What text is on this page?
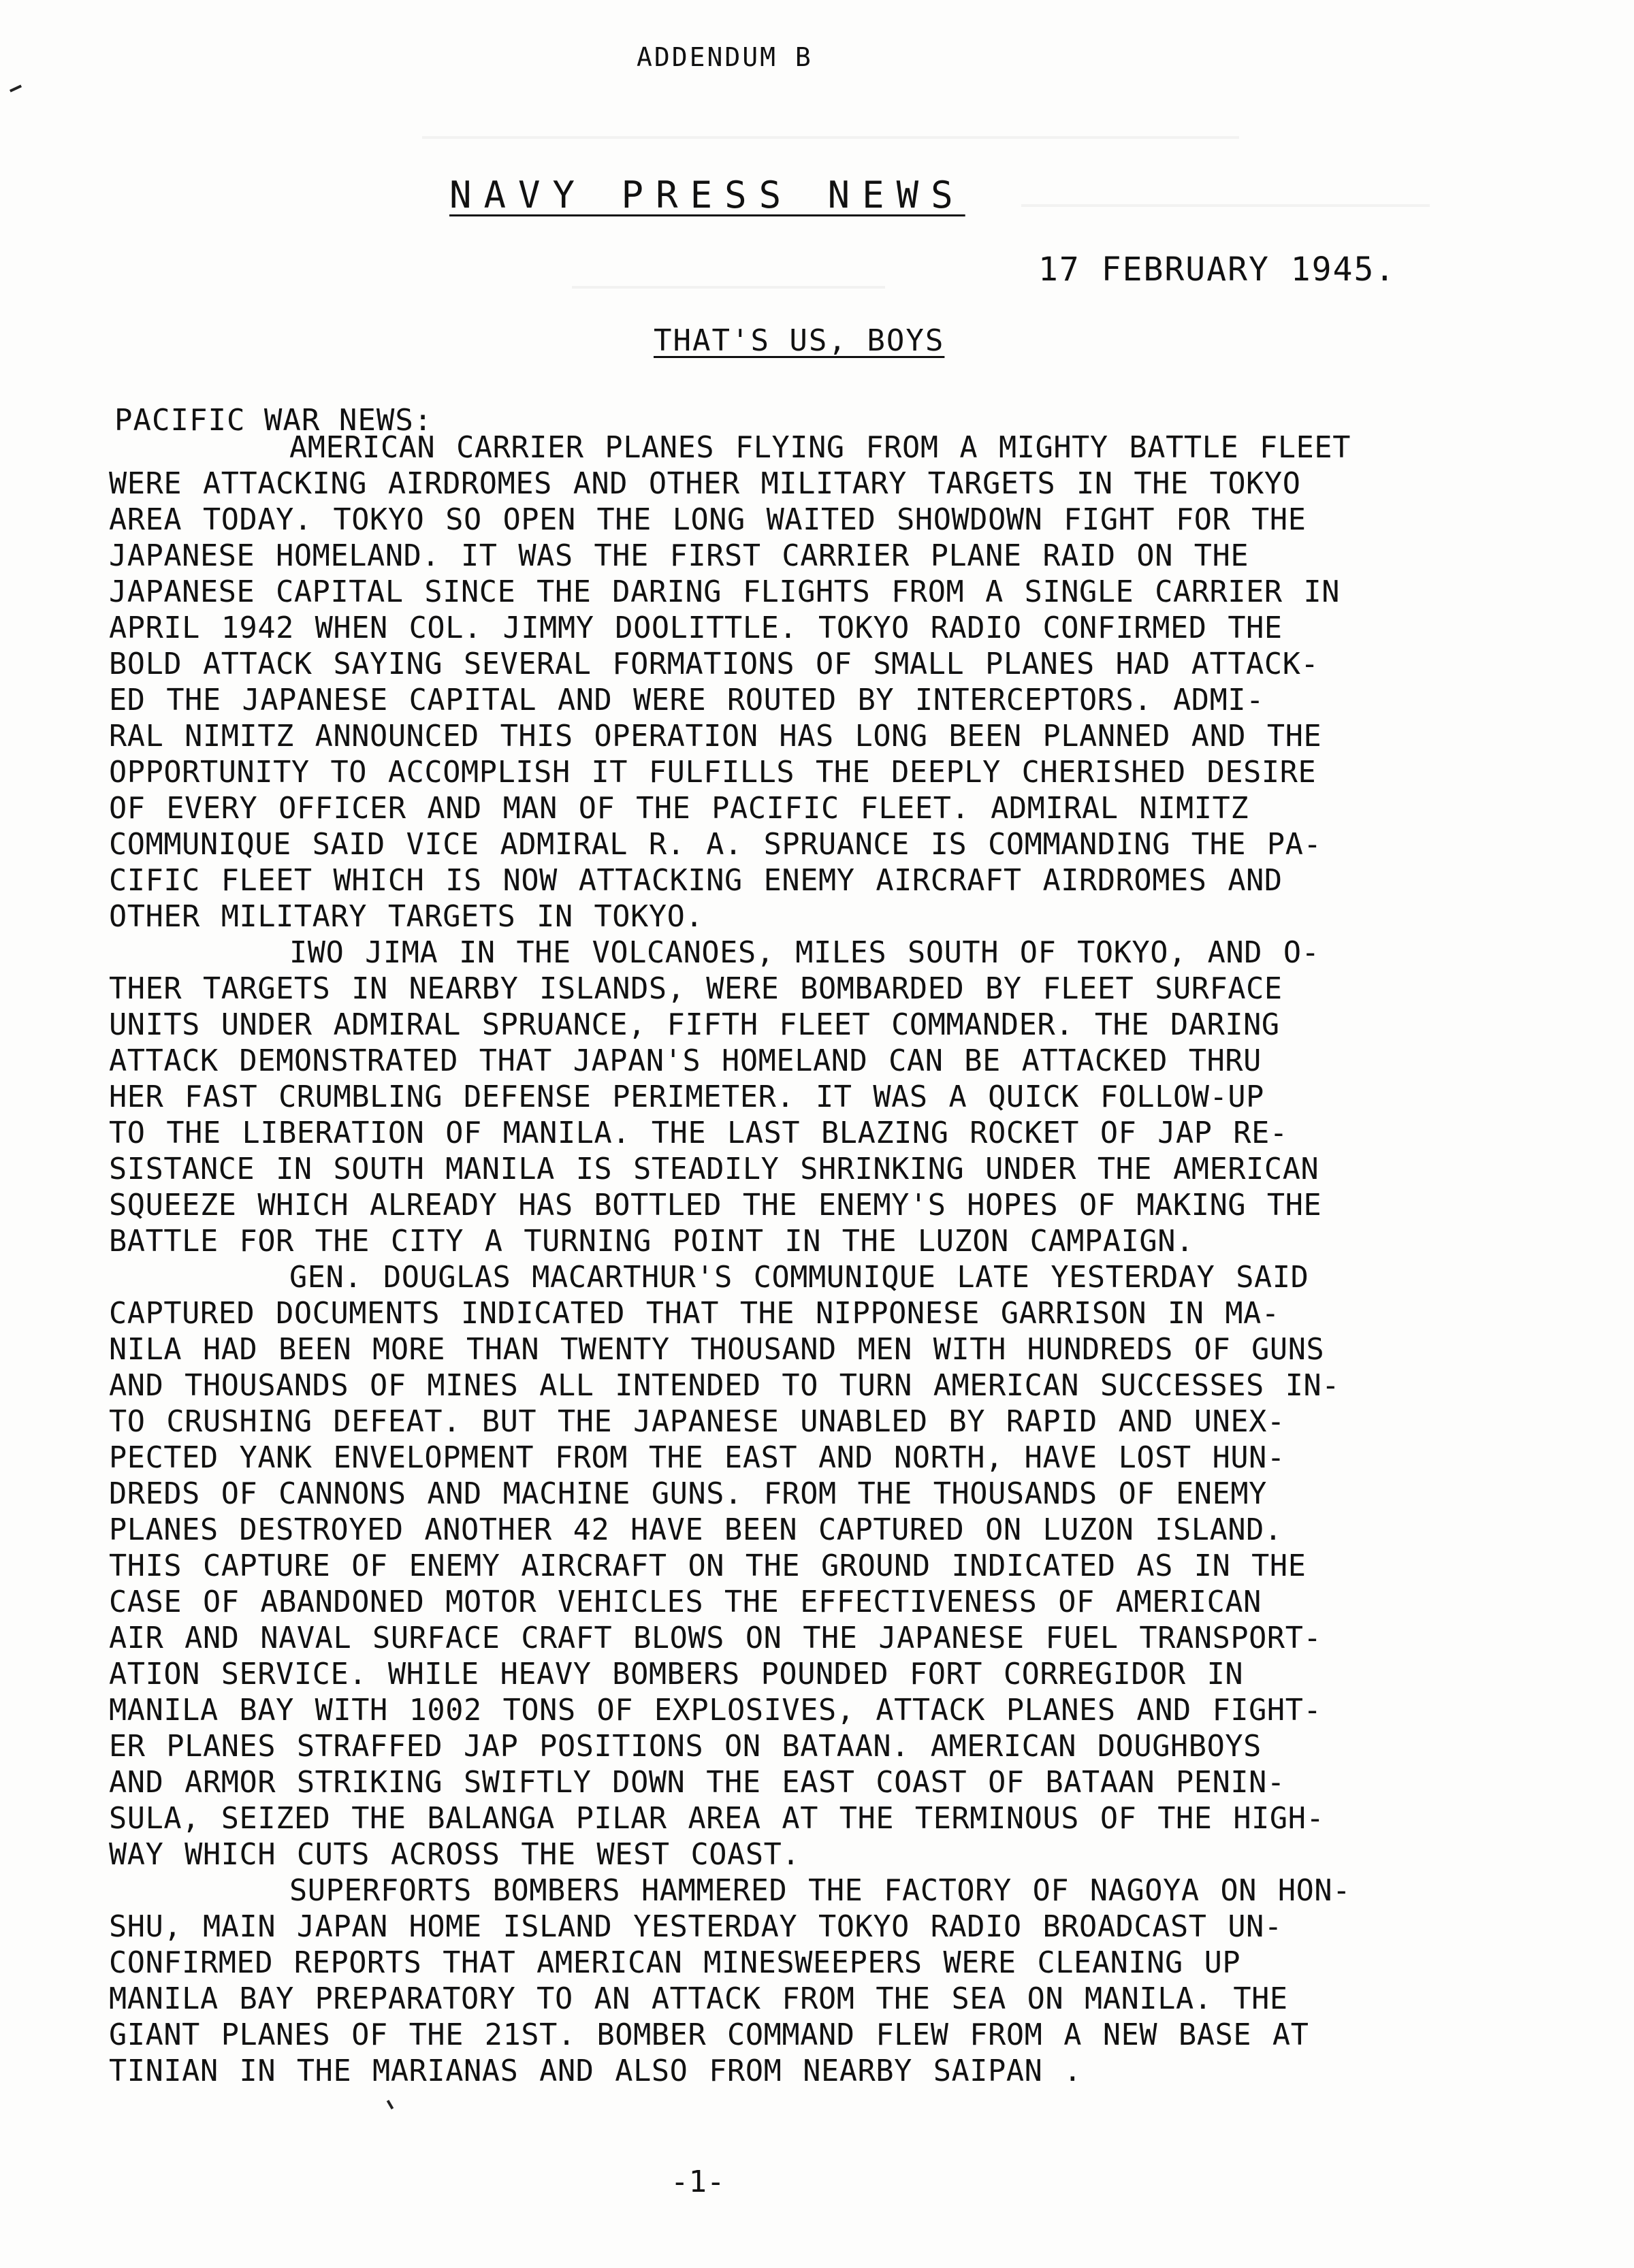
ADDENDUM B
NAVY PRESS NEWS
17 FEBRUARY 1945.
THAT'S US, BOYS
PACIFIC WAR NEWS:
AMERICAN CARRIER PLANES FLYING FROM A MIGHTY BATTLE FLEET
WERE ATTACKING AIRDROMES AND OTHER MILITARY TARGETS IN THE TOKYO
AREA TODAY. TOKYO SO OPEN THE LONG WAITED SHOWDOWN FIGHT FOR THE
JAPANESE HOMELAND. IT WAS THE FIRST CARRIER PLANE RAID ON THE
JAPANESE CAPITAL SINCE THE DARING FLIGHTS FROM A SINGLE CARRIER IN
APRIL 1942 WHEN COL. JIMMY DOOLITTLE. TOKYO RADIO CONFIRMED THE
BOLD ATTACK SAYING SEVERAL FORMATIONS OF SMALL PLANES HAD ATTACK-
ED THE JAPANESE CAPITAL AND WERE ROUTED BY INTERCEPTORS. ADMI-
RAL NIMITZ ANNOUNCED THIS OPERATION HAS LONG BEEN PLANNED AND THE
OPPORTUNITY TO ACCOMPLISH IT FULFILLS THE DEEPLY CHERISHED DESIRE
OF EVERY OFFICER AND MAN OF THE PACIFIC FLEET. ADMIRAL NIMITZ
COMMUNIQUE SAID VICE ADMIRAL R. A. SPRUANCE IS COMMANDING THE PA-
CIFIC FLEET WHICH IS NOW ATTACKING ENEMY AIRCRAFT AIRDROMES AND
OTHER MILITARY TARGETS IN TOKYO.
IWO JIMA IN THE VOLCANOES, MILES SOUTH OF TOKYO, AND O-
THER TARGETS IN NEARBY ISLANDS, WERE BOMBARDED BY FLEET SURFACE
UNITS UNDER ADMIRAL SPRUANCE, FIFTH FLEET COMMANDER. THE DARING
ATTACK DEMONSTRATED THAT JAPAN'S HOMELAND CAN BE ATTACKED THRU
HER FAST CRUMBLING DEFENSE PERIMETER. IT WAS A QUICK FOLLOW-UP
TO THE LIBERATION OF MANILA. THE LAST BLAZING ROCKET OF JAP RE-
SISTANCE IN SOUTH MANILA IS STEADILY SHRINKING UNDER THE AMERICAN
SQUEEZE WHICH ALREADY HAS BOTTLED THE ENEMY'S HOPES OF MAKING THE
BATTLE FOR THE CITY A TURNING POINT IN THE LUZON CAMPAIGN.
GEN. DOUGLAS MACARTHUR'S COMMUNIQUE LATE YESTERDAY SAID
CAPTURED DOCUMENTS INDICATED THAT THE NIPPONESE GARRISON IN MA-
NILA HAD BEEN MORE THAN TWENTY THOUSAND MEN WITH HUNDREDS OF GUNS
AND THOUSANDS OF MINES ALL INTENDED TO TURN AMERICAN SUCCESSES IN-
TO CRUSHING DEFEAT. BUT THE JAPANESE UNABLED BY RAPID AND UNEX-
PECTED YANK ENVELOPMENT FROM THE EAST AND NORTH, HAVE LOST HUN-
DREDS OF CANNONS AND MACHINE GUNS. FROM THE THOUSANDS OF ENEMY
PLANES DESTROYED ANOTHER 42 HAVE BEEN CAPTURED ON LUZON ISLAND.
THIS CAPTURE OF ENEMY AIRCRAFT ON THE GROUND INDICATED AS IN THE
CASE OF ABANDONED MOTOR VEHICLES THE EFFECTIVENESS OF AMERICAN
AIR AND NAVAL SURFACE CRAFT BLOWS ON THE JAPANESE FUEL TRANSPORT-
ATION SERVICE. WHILE HEAVY BOMBERS POUNDED FORT CORREGIDOR IN
MANILA BAY WITH 1002 TONS OF EXPLOSIVES, ATTACK PLANES AND FIGHT-
ER PLANES STRAFFED JAP POSITIONS ON BATAAN. AMERICAN DOUGHBOYS
AND ARMOR STRIKING SWIFTLY DOWN THE EAST COAST OF BATAAN PENIN-
SULA, SEIZED THE BALANGA PILAR AREA AT THE TERMINOUS OF THE HIGH-
WAY WHICH CUTS ACROSS THE WEST COAST.
SUPERFORTS BOMBERS HAMMERED THE FACTORY OF NAGOYA ON HON-
SHU, MAIN JAPAN HOME ISLAND YESTERDAY TOKYO RADIO BROADCAST UN-
CONFIRMED REPORTS THAT AMERICAN MINESWEEPERS WERE CLEANING UP
MANILA BAY PREPARATORY TO AN ATTACK FROM THE SEA ON MANILA. THE
GIANT PLANES OF THE 21ST. BOMBER COMMAND FLEW FROM A NEW BASE AT
TINIAN IN THE MARIANAS AND ALSO FROM NEARBY SAIPAN .
-1-
